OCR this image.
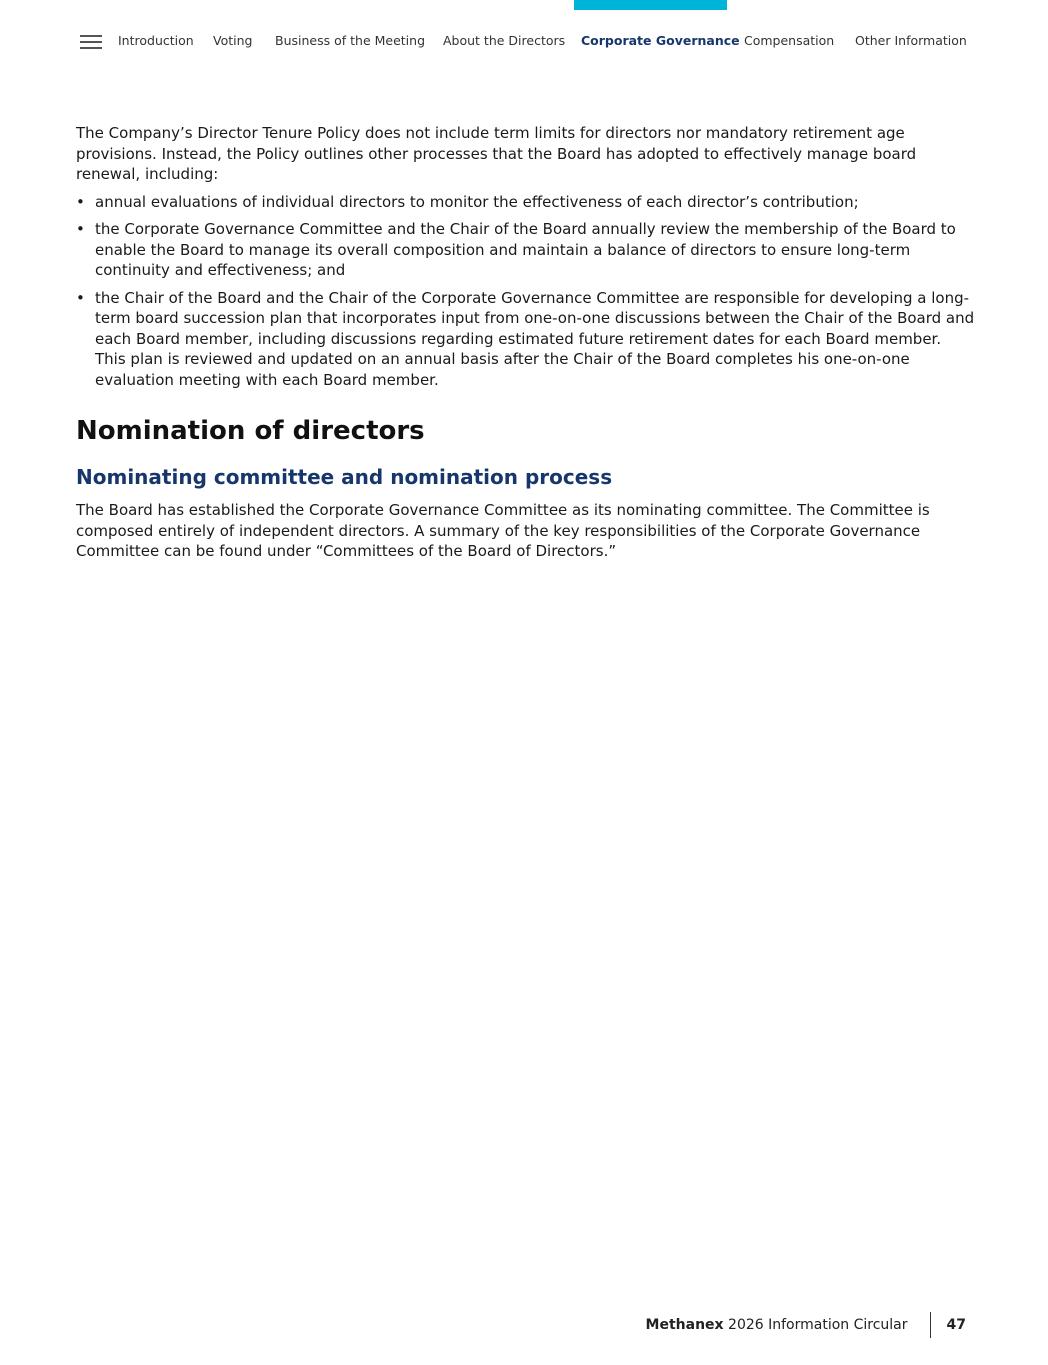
Introduction Voting Business of the Meeting About the Directors Corporate Governance Compensation Other Information

The Company’s Director Tenure Policy does not include term limits for directors nor mandatory retirement age provisions. Instead, the Policy outlines other processes that the Board has adopted to effectively manage board renewal, including:

• annual evaluations of individual directors to monitor the effectiveness of each director’s contribution;
• the Corporate Governance Committee and the Chair of the Board annually review the membership of the Board to enable the Board to manage its overall composition and maintain a balance of directors to ensure long-term continuity and effectiveness; and
• the Chair of the Board and the Chair of the Corporate Governance Committee are responsible for developing a long-term board succession plan that incorporates input from one-on-one discussions between the Chair of the Board and each Board member, including discussions regarding estimated future retirement dates for each Board member. This plan is reviewed and updated on an annual basis after the Chair of the Board completes his one-on-one evaluation meeting with each Board member.
Nomination of directors
Nominating committee and nomination process

The Board has established the Corporate Governance Committee as its nominating committee. The Committee is composed entirely of independent directors. A summary of the key responsibilities of the Corporate Governance Committee can be found under “Committees of the Board of Directors.”

Methanex
2026 Information Circular	47
